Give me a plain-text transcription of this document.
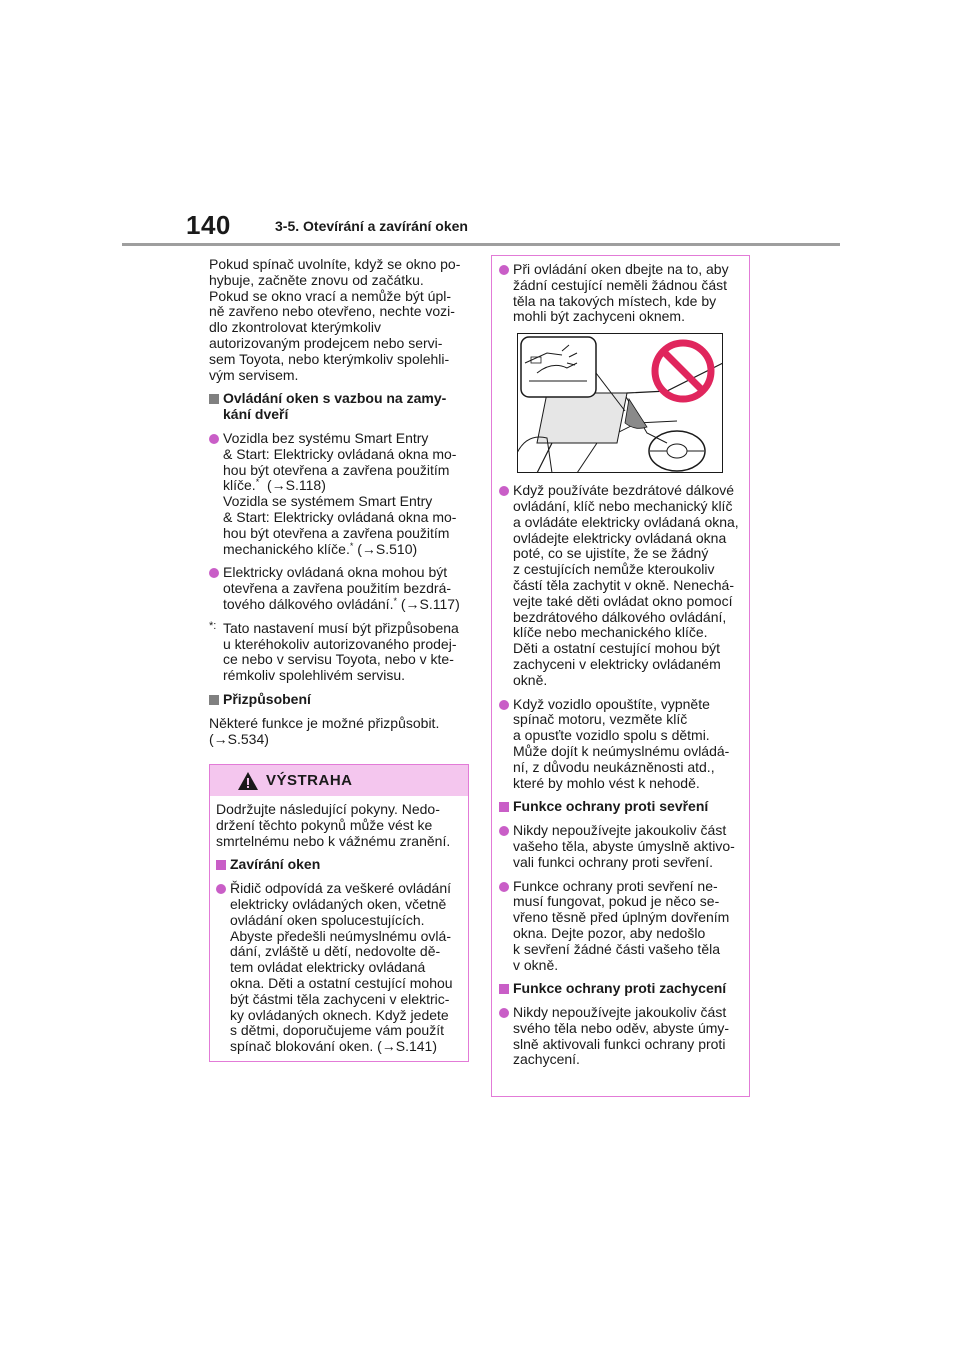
140	3-5. Otevírání a zavírání oken
Pokud spínač uvolníte, když se okno po-
hybuje, začněte znovu od začátku.
Pokud se okno vrací a nemůže být úpl-
ně zavřeno nebo otevřeno, nechte vozi-
dlo zkontrolovat kterýmkoliv
autorizovaným prodejcem nebo servi-
sem Toyota, nebo kterýmkoliv spolehli-
vým servisem.
Ovládání oken s vazbou na zamy-
kání dveří
Vozidla bez systému Smart Entry
& Start: Elektricky ovládaná okna mo-
hou být otevřena a zavřena použitím
klíče.* (→S.118)
Vozidla se systémem Smart Entry
& Start: Elektricky ovládaná okna mo-
hou být otevřena a zavřena použitím
mechanického klíče.* (→S.510)
Elektricky ovládaná okna mohou být
otevřena a zavřena použitím bezdrá-
tového dálkového ovládání.* (→S.117)
*: Tato nastavení musí být přizpůsobena
u kteréhokoliv autorizovaného prodej-
ce nebo v servisu Toyota, nebo v kte-
rémkoliv spolehlivém servisu.
Přizpůsobení
Některé funkce je možné přizpůsobit.
(→S.534)
VÝSTRAHA
Dodržujte následující pokyny. Nedo-
držení těchto pokynů může vést ke
smrtelnému nebo k vážnému zranění.
Zavírání oken
Řidič odpovídá za veškeré ovládání
elektricky ovládaných oken, včetně
ovládání oken spolucestujících.
Abyste předešli neúmyslnému ovlá-
dání, zvláště u dětí, nedovolte dě-
tem ovládat elektricky ovládaná
okna. Děti a ostatní cestující mohou
být částmi těla zachyceni v elektric-
ky ovládaných oknech. Když jedete
s dětmi, doporučujeme vám použít
spínač blokování oken. (→S.141)
Při ovládání oken dbejte na to, aby
žádní cestující neměli žádnou část
těla na takových místech, kde by
mohli být zachyceni oknem.
Když používáte bezdrátové dálkové
ovládání, klíč nebo mechanický klíč
a ovládáte elektricky ovládaná okna,
ovládejte elektricky ovládaná okna
poté, co se ujistíte, že se žádný
z cestujících nemůže kteroukoliv
částí těla zachytit v okně. Nenechá-
vejte také děti ovládat okno pomocí
bezdrátového dálkového ovládání,
klíče nebo mechanického klíče.
Děti a ostatní cestující mohou být
zachyceni v elektricky ovládaném
okně.
Když vozidlo opouštíte, vypněte
spínač motoru, vezměte klíč
a opusťte vozidlo spolu s dětmi.
Může dojít k neúmyslnému ovládá-
ní, z důvodu neukázněnosti atd.,
které by mohlo vést k nehodě.
Funkce ochrany proti sevření
Nikdy nepoužívejte jakoukoliv část
vašeho těla, abyste úmyslně aktivo-
vali funkci ochrany proti sevření.
Funkce ochrany proti sevření ne-
musí fungovat, pokud je něco se-
vřeno těsně před úplným dovřením
okna. Dejte pozor, aby nedošlo
k sevření žádné části vašeho těla
v okně.
Funkce ochrany proti zachycení
Nikdy nepoužívejte jakoukoliv část
svého těla nebo oděv, abyste úmy-
slně aktivovali funkci ochrany proti
zachycení.
